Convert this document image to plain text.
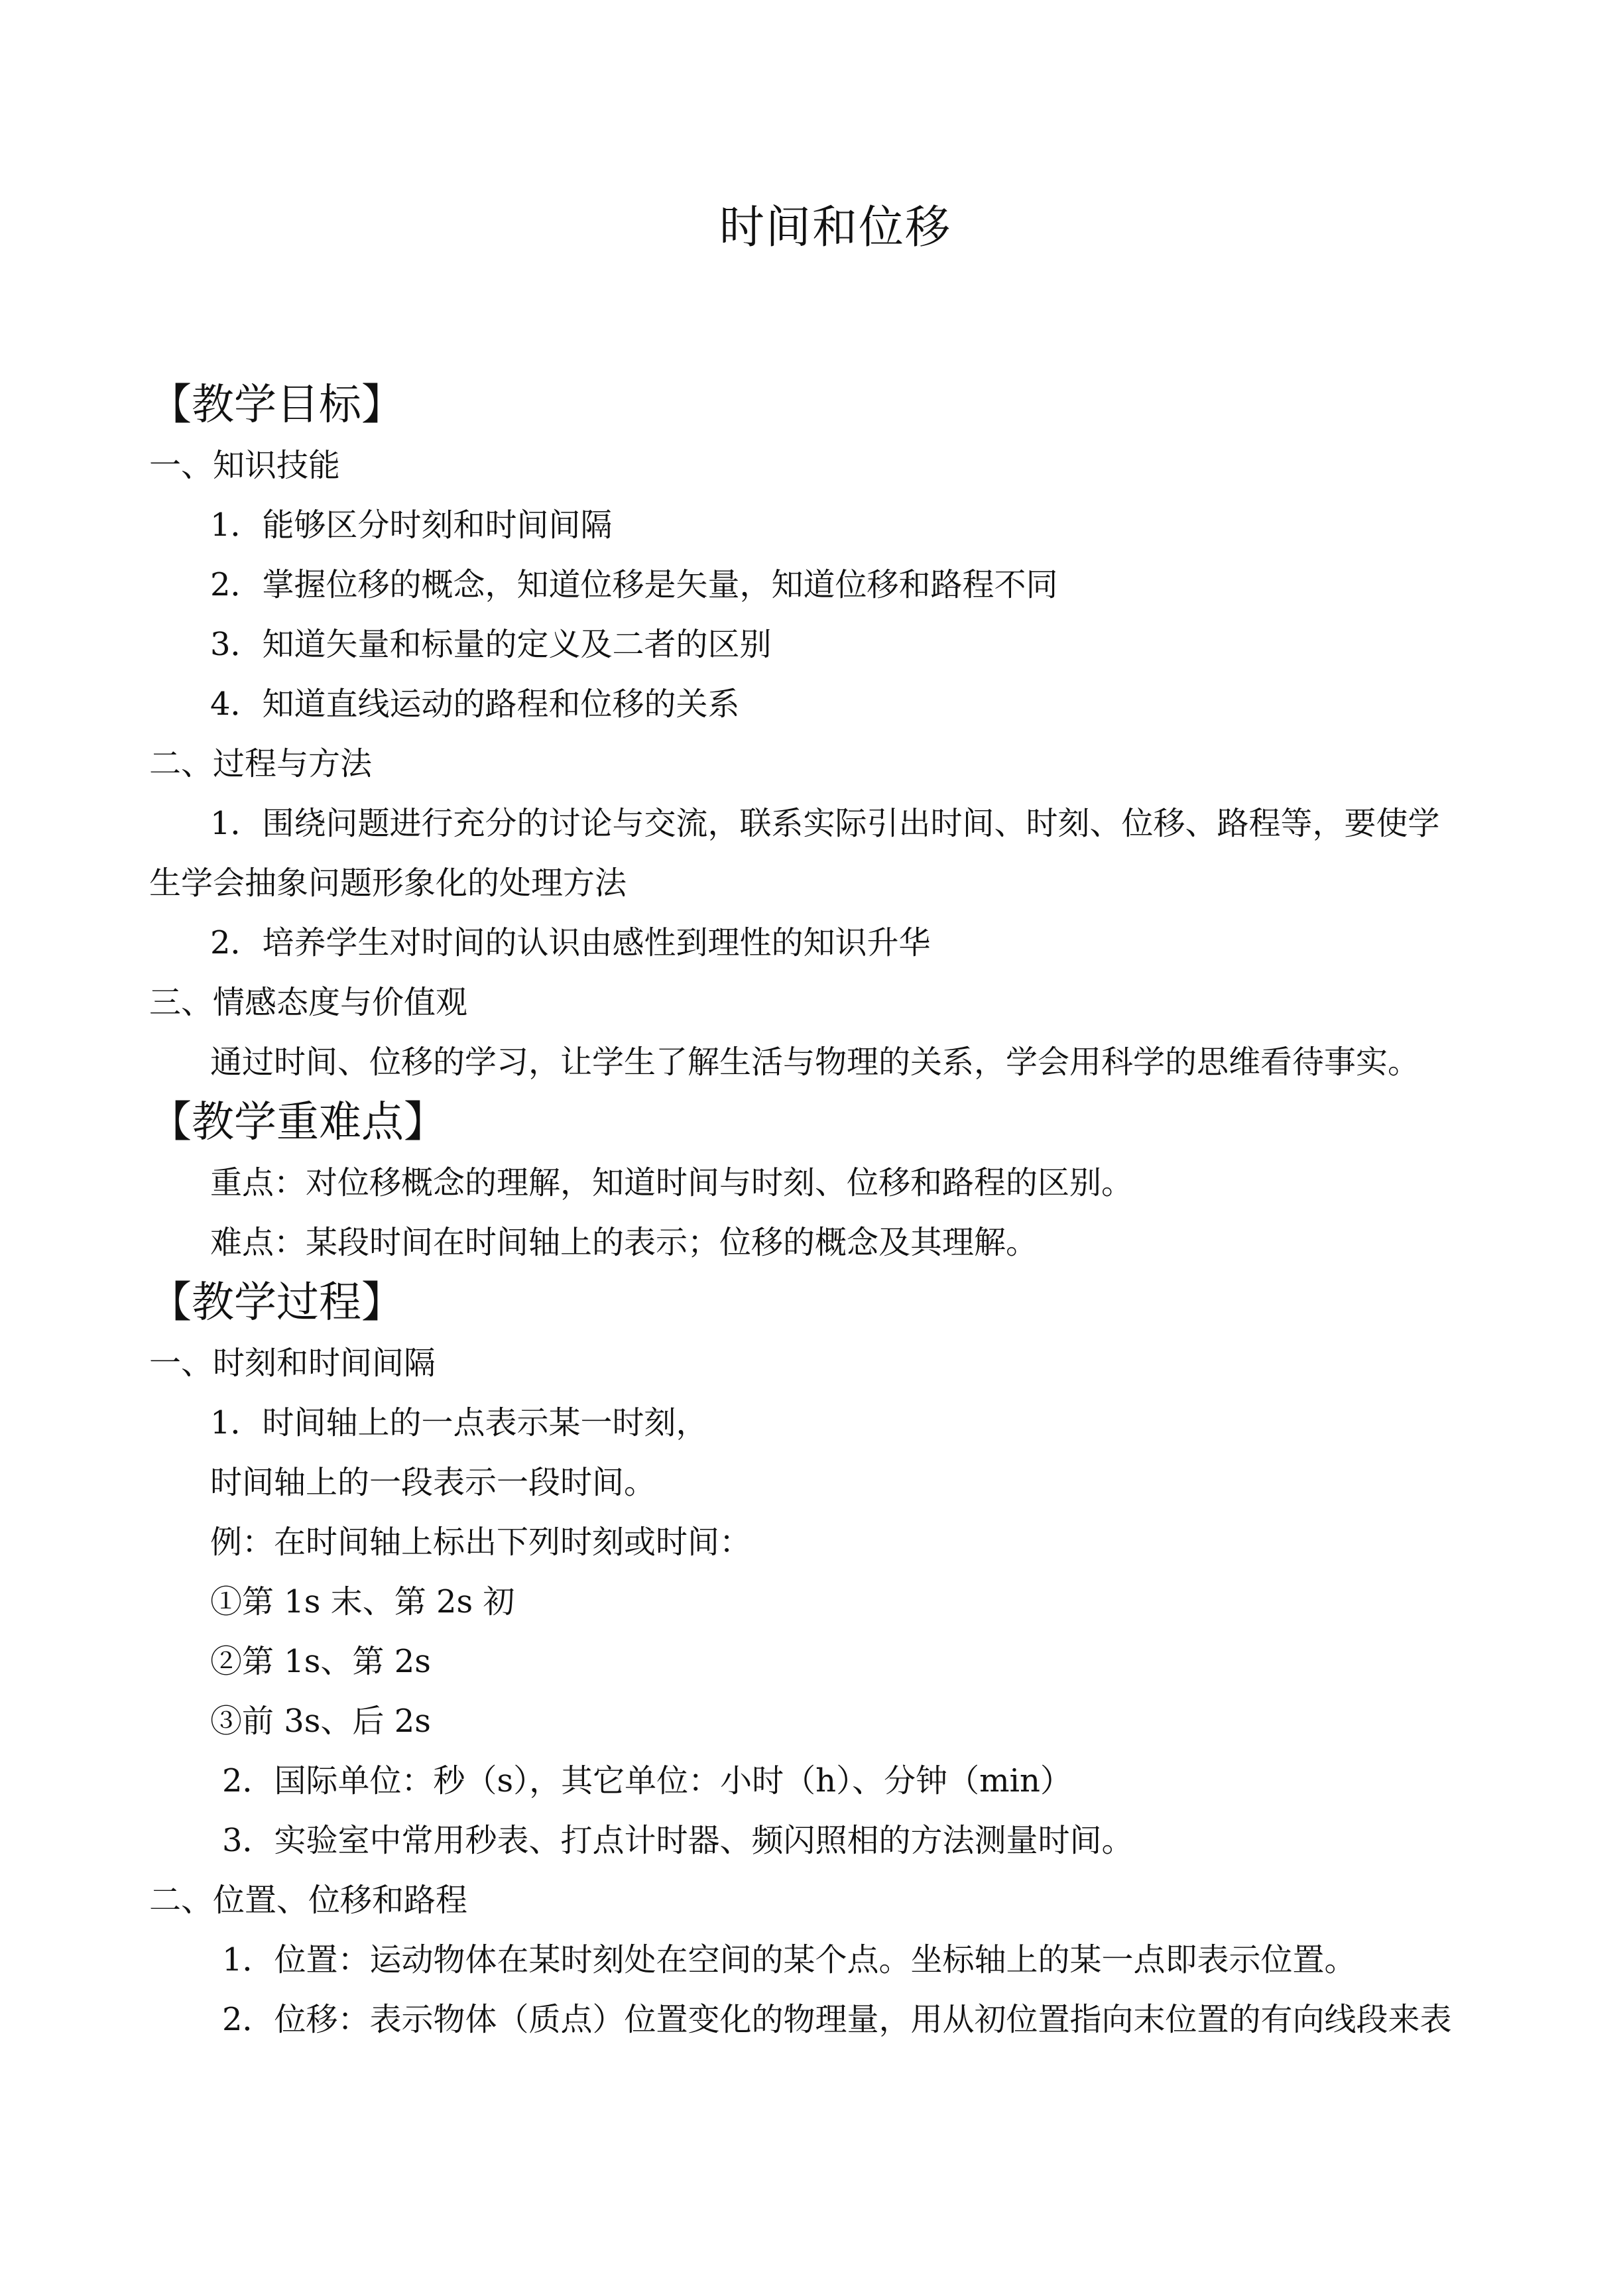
时间和位移

【教学目标】

一、知识技能

1．能够区分时刻和时间间隔

2．掌握位移的概念，知道位移是矢量，知道位移和路程不同

3．知道矢量和标量的定义及二者的区别

4．知道直线运动的路程和位移的关系

二、过程与方法

1．围绕问题进行充分的讨论与交流，联系实际引出时间、时刻、位移、路程等，要使学

生学会抽象问题形象化的处理方法

2．培养学生对时间的认识由感性到理性的知识升华

三、情感态度与价值观

通过时间、位移的学习，让学生了解生活与物理的关系，学会用科学的思维看待事实。

【教学重难点】

重点：对位移概念的理解，知道时间与时刻、位移和路程的区别。

难点：某段时间在时间轴上的表示；位移的概念及其理解。

【教学过程】

一、时刻和时间间隔

1．时间轴上的一点表示某一时刻，

时间轴上的一段表示一段时间。

例：在时间轴上标出下列时刻或时间：

①第 1s 末、第 2s 初

②第 1s、第 2s

③前 3s、后 2s

2．国际单位：秒（s），其它单位：小时（h）、分钟（min）

3．实验室中常用秒表、打点计时器、频闪照相的方法测量时间。

二、位置、位移和路程

1．位置：运动物体在某时刻处在空间的某个点。坐标轴上的某一点即表示位置。

2．位移：表示物体（质点）位置变化的物理量，用从初位置指向末位置的有向线段来表
